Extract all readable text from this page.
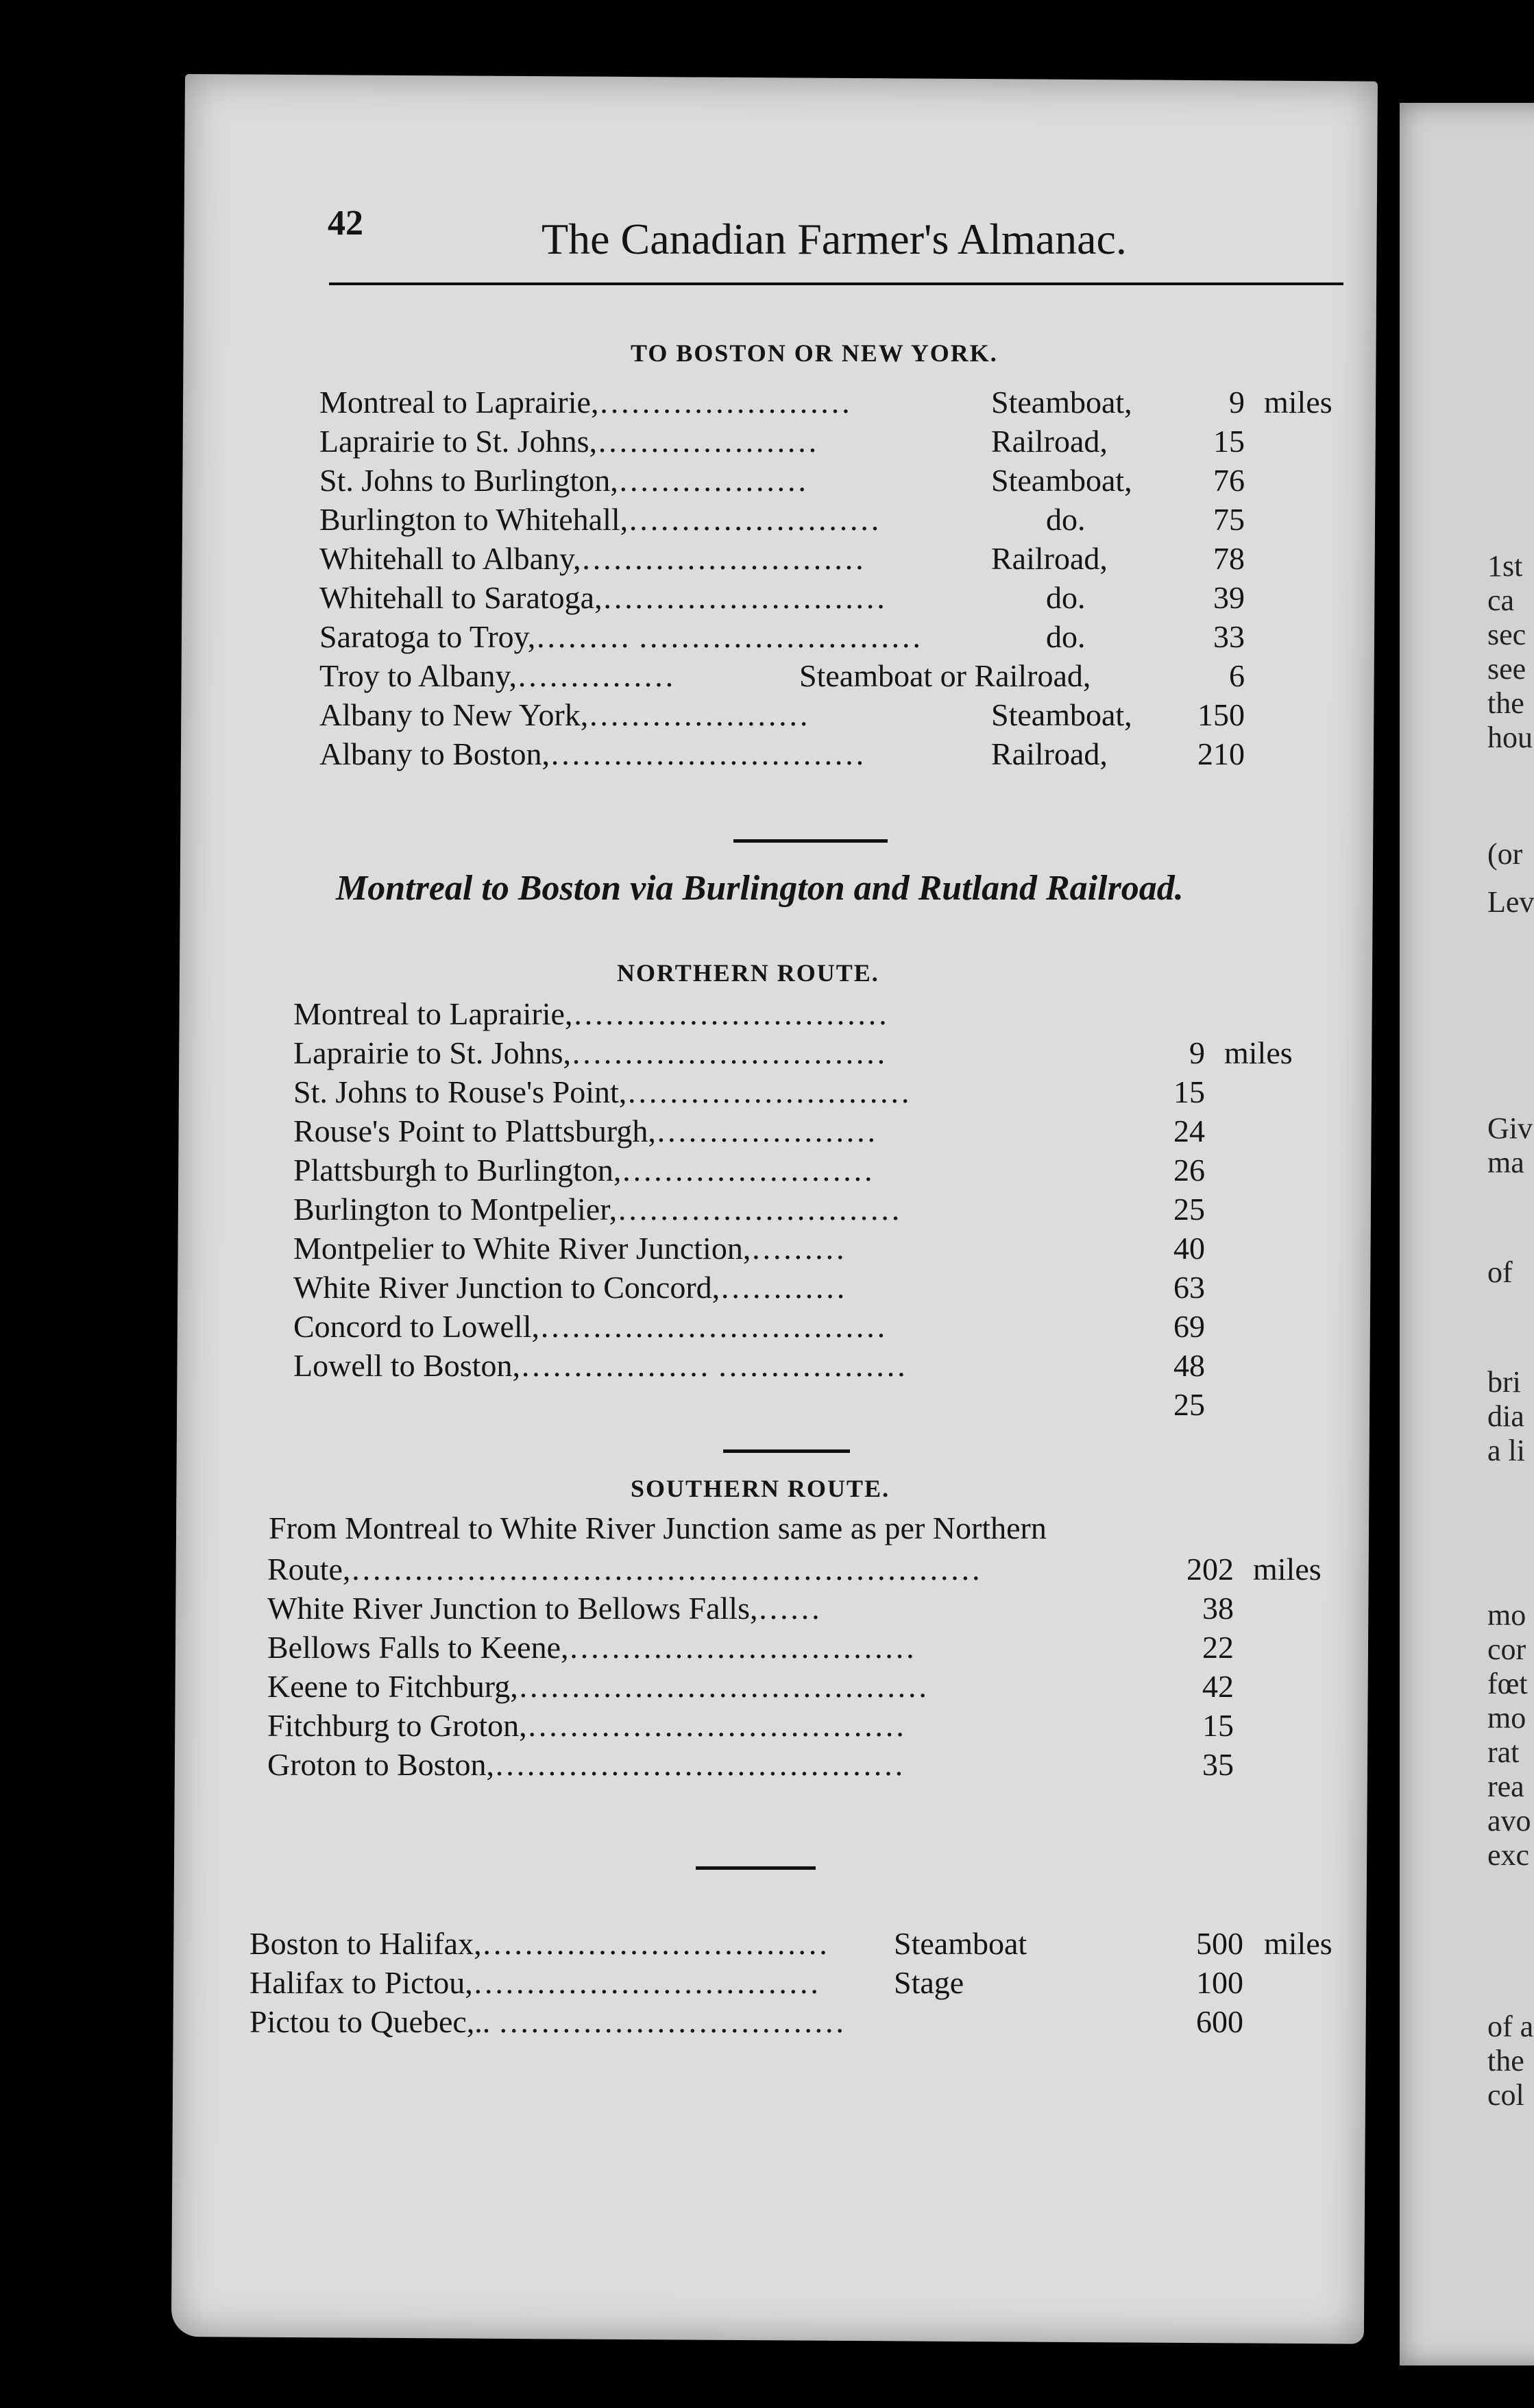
42	The Canadian Farmer's Almanac.
TO BOSTON OR NEW YORK.
Montreal to Laprairie,……………………	Steamboat,	9 miles
Laprairie to St. Johns,…………………	Railroad,	15
St. Johns to Burlington,………………	Steamboat,	76
Burlington to Whitehall,……………………	do.	75
Whitehall to Albany,………………………	Railroad,	78
Whitehall to Saratoga,………………………	do.	39
Saratoga to Troy,……… ………………………	do.	33
Troy to Albany,……………	Steamboat or Railroad,	6
Albany to New York,…………………	Steamboat,	150
Albany to Boston,…………………………	Railroad,	210
Montreal to Boston via Burlington and Rutland Railroad.
NORTHERN ROUTE.
Montreal to Laprairie,…………………………
Laprairie to St. Johns,…………………………	9 miles
St. Johns to Rouse's Point,………………………	15
Rouse's Point to Plattsburgh,…………………	24
Plattsburgh to Burlington,……………………	26
Burlington to Montpelier,………………………	25
Montpelier to White River Junction,………	40
White River Junction to Concord,…………	63
Concord to Lowell,……………………………	69
Lowell to Boston,……………… ………………	48
25
SOUTHERN ROUTE.
From Montreal to White River Junction same as per Northern
Route,……………………………………………………	202 miles
White River Junction to Bellows Falls,……	38
Bellows Falls to Keene,……………………………	22
Keene to Fitchburg,…………………………………	42
Fitchburg to Groton,………………………………	15
Groton to Boston,…………………………………	35
Boston to Halifax,…………………………… Steamboat	500 miles
Halifax to Pictou,…………………………… Stage	100
Pictou to Quebec,.. ……………………………	600
1st
ca
sec
see
the
hou
(or
Lev
Giv
ma
of
bri
dia
a li
mo
cor
fœt
mo
rat
rea
avo
exc
of a
the
col
